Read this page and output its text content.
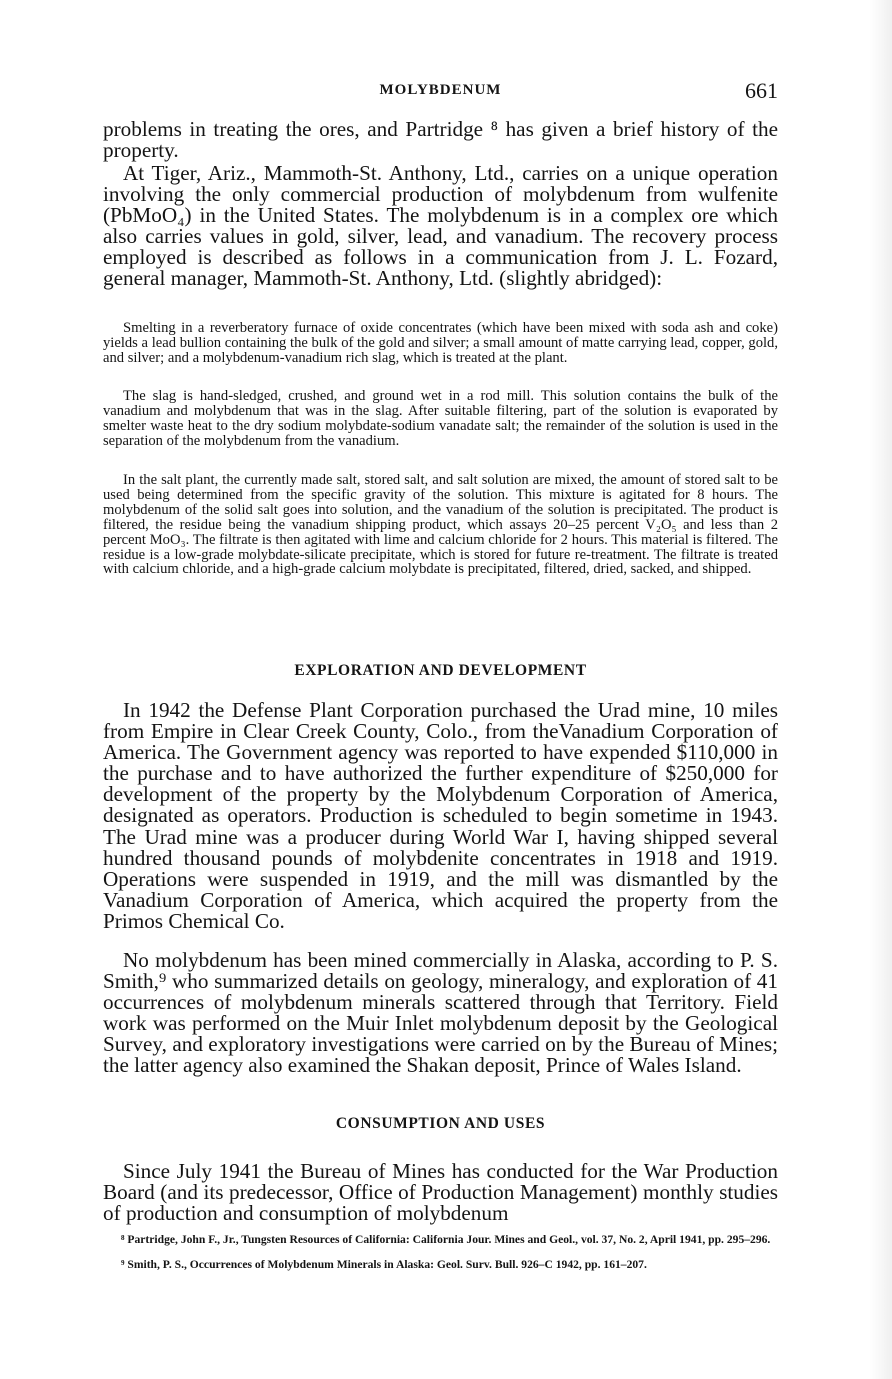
MOLYBDENUM	661

problems in treating the ores, and Partridge ⁸ has given a brief history of the property.

At Tiger, Ariz., Mammoth-St. Anthony, Ltd., carries on a unique operation involving the only commercial production of molybdenum from wulfenite (PbMoO₄) in the United States. The molybdenum is in a complex ore which also carries values in gold, silver, lead, and vanadium. The recovery process employed is described as follows in a communication from J. L. Fozard, general manager, Mammoth-St. Anthony, Ltd. (slightly abridged):

Smelting in a reverberatory furnace of oxide concentrates (which have been mixed with soda ash and coke) yields a lead bullion containing the bulk of the gold and silver; a small amount of matte carrying lead, copper, gold, and silver; and a molybdenum-vanadium rich slag, which is treated at the plant.

The slag is hand-sledged, crushed, and ground wet in a rod mill. This solution contains the bulk of the vanadium and molybdenum that was in the slag. After suitable filtering, part of the solution is evaporated by smelter waste heat to the dry sodium molybdate-sodium vanadate salt; the remainder of the solution is used in the separation of the molybdenum from the vanadium.

In the salt plant, the currently made salt, stored salt, and salt solution are mixed, the amount of stored salt to be used being determined from the specific gravity of the solution. This mixture is agitated for 8 hours. The molybdenum of the solid salt goes into solution, and the vanadium of the solution is precipitated. The product is filtered, the residue being the vanadium shipping product, which assays 20–25 percent V₂O₅ and less than 2 percent MoO₃. The filtrate is then agitated with lime and calcium chloride for 2 hours. This material is filtered. The residue is a low-grade molybdate-silicate precipitate, which is stored for future re-treatment. The filtrate is treated with calcium chloride, and a high-grade calcium molybdate is precipitated, filtered, dried, sacked, and shipped.

EXPLORATION AND DEVELOPMENT

In 1942 the Defense Plant Corporation purchased the Urad mine, 10 miles from Empire in Clear Creek County, Colo., from theVanadium Corporation of America. The Government agency was reported to have expended $110,000 in the purchase and to have authorized the further expenditure of $250,000 for development of the property by the Molybdenum Corporation of America, designated as operators. Production is scheduled to begin sometime in 1943. The Urad mine was a producer during World War I, having shipped several hundred thousand pounds of molybdenite concentrates in 1918 and 1919. Operations were suspended in 1919, and the mill was dismantled by the Vanadium Corporation of America, which acquired the property from the Primos Chemical Co.

No molybdenum has been mined commercially in Alaska, according to P. S. Smith,⁹ who summarized details on geology, mineralogy, and exploration of 41 occurrences of molybdenum minerals scattered through that Territory. Field work was performed on the Muir Inlet molybdenum deposit by the Geological Survey, and exploratory investigations were carried on by the Bureau of Mines; the latter agency also examined the Shakan deposit, Prince of Wales Island.

CONSUMPTION AND USES

Since July 1941 the Bureau of Mines has conducted for the War Production Board (and its predecessor, Office of Production Management) monthly studies of production and consumption of molybdenum

⁸ Partridge, John F., Jr., Tungsten Resources of California: California Jour. Mines and Geol., vol. 37, No. 2, April 1941, pp. 295–296.

⁹ Smith, P. S., Occurrences of Molybdenum Minerals in Alaska: Geol. Surv. Bull. 926–C 1942, pp. 161–207.
